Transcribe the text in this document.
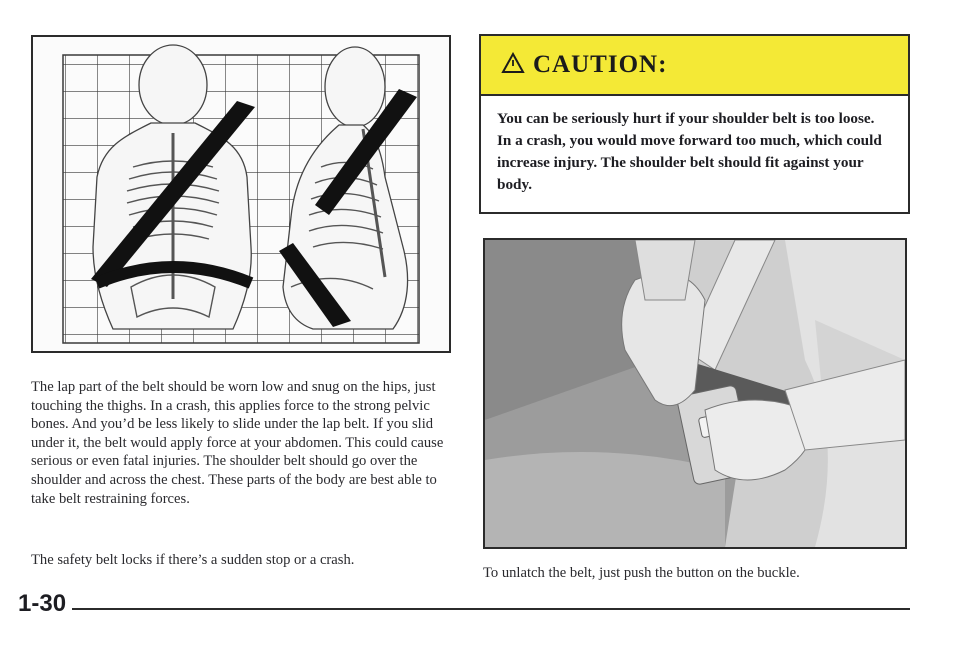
The lap part of the belt should be worn low and snug on the hips, just touching the thighs. In a crash, this applies force to the strong pelvic bones. And you’d be less likely to slide under the lap belt. If you slid under it, the belt would apply force at your abdomen. This could cause serious or even fatal injuries. The shoulder belt should go over the shoulder and across the chest. These parts of the body are best able to take belt restraining forces.

The safety belt locks if there’s a sudden stop or a crash.

CAUTION:
You can be seriously hurt if your shoulder belt is too loose. In a crash, you would move forward too much, which could increase injury. The shoulder belt should fit against your body.
To unlatch the belt, just push the button on the buckle.
1-30
